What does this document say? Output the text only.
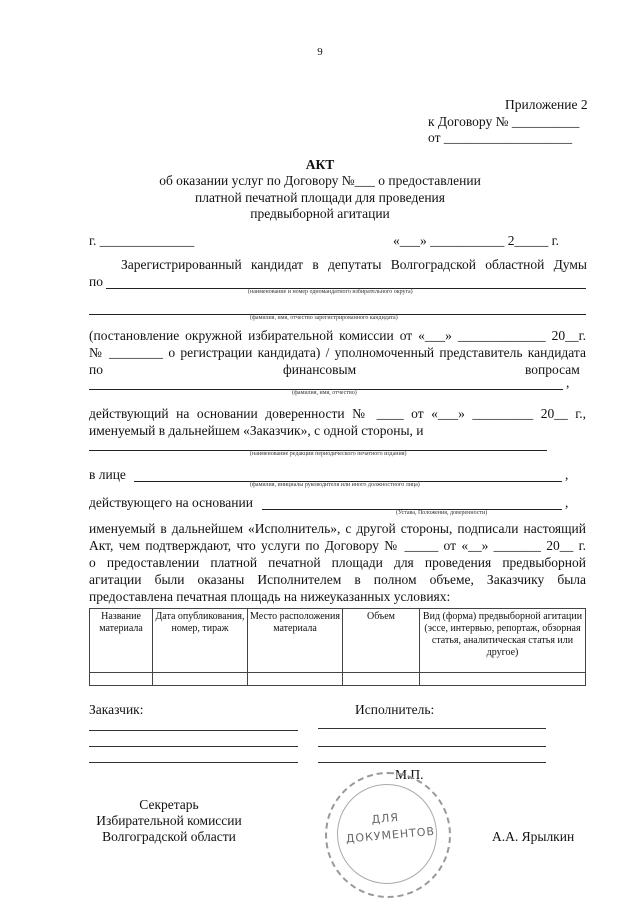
9
Приложение 2
к Договору № __________
от ___________________
АКТ
об оказании услуг по Договору №___ о предоставлении
платной печатной площади для проведения
предвыборной агитации
г. ______________	«___» ___________ 2_____ г.
Зарегистрированный кандидат в депутаты Волгоградской областной Думы
по
(наименование и номер одномандатного избирательного округа)
(фамилия, имя, отчество зарегистрированного кандидата)
(постановление окружной избирательной комиссии от «___» _____________ 20__г.
№ ________ о регистрации кандидата) / уполномоченный представитель кандидата
по	финансовым	вопросам
,
(фамилия, имя, отчество)
действующий на основании доверенности № ____ от «___» _________ 20__ г.,
именуемый в дальнейшем «Заказчик», с одной стороны, и
(наименование редакции периодического печатного издания)
в лице	,
(фамилия, инициалы руководителя или иного должностного лица)
действующего на основании	,
(Устава, Положения, доверенности)
именуемый в дальнейшем «Исполнитель», с другой стороны, подписали настоящий
Акт, чем подтверждают, что услуги по Договору № _____ от «__» _______ 20__ г.
о предоставлении платной печатной площади для проведения предвыборной
агитации были оказаны Исполнителем в полном объеме, Заказчику была
предоставлена печатная площадь на нижеуказанных условиях:
Название материала	Дата опубликования, номер, тираж	Место расположения материала	Объем	Вид (форма) предвыборной агитации (эссе, интервью, репортаж, обзорная статья, аналитическая статья или другое)

Заказчик:	Исполнитель:
М.П.
ДЛЯ
ДОКУМЕНТОВ
Секретарь
Избирательной комиссии
Волгоградской области	А.А. Ярылкин
